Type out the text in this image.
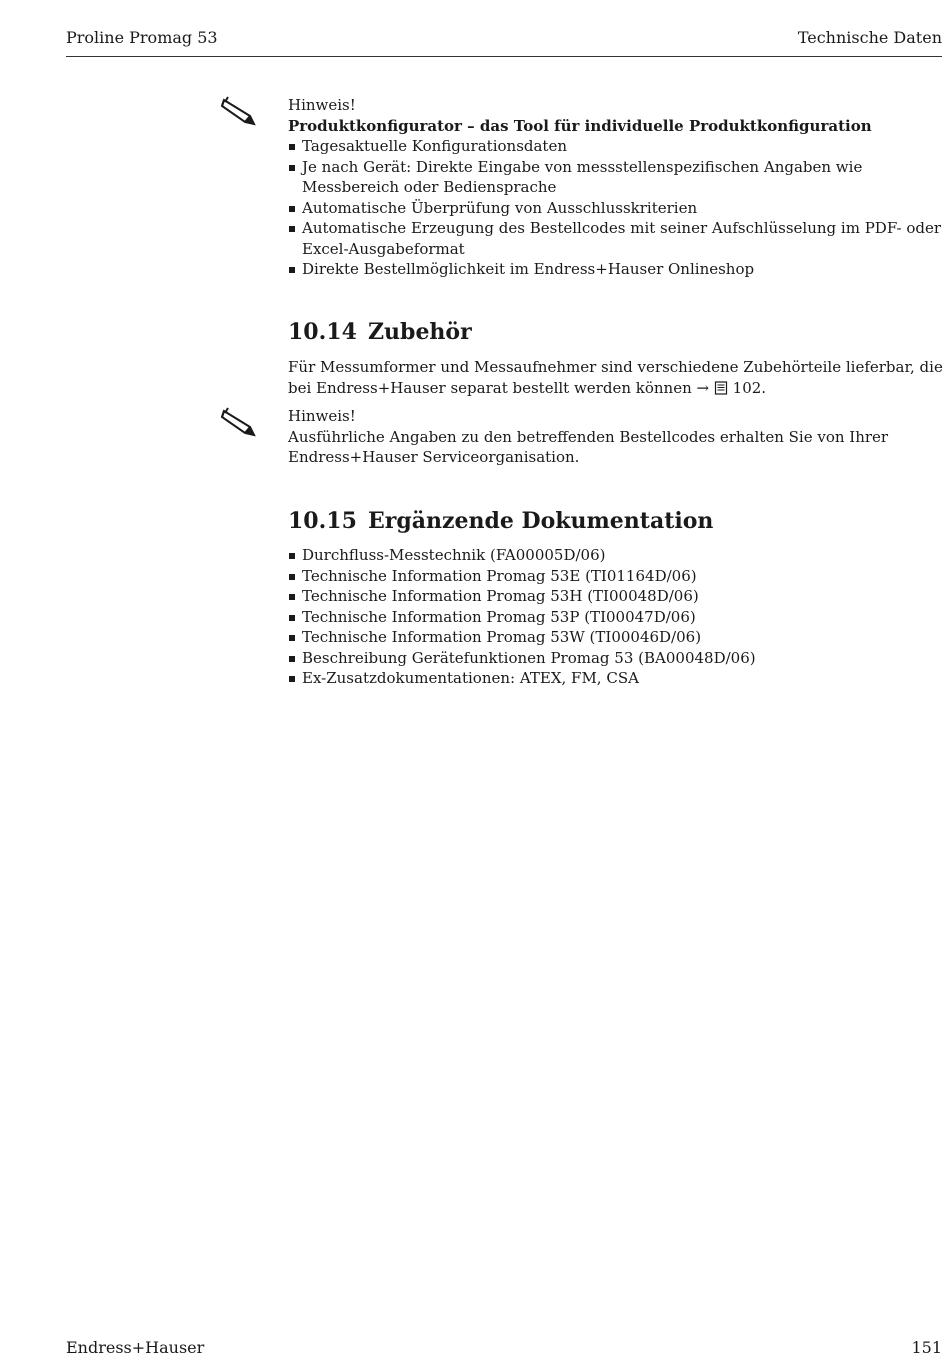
Proline Promag 53	Technische Daten
Hinweis!
Produktkonfigurator – das Tool für individuelle Produktkonfiguration
Tagesaktuelle Konfigurationsdaten
Je nach Gerät: Direkte Eingabe von messstellenspezifischen Angaben wie Messbereich oder Bediensprache
Automatische Überprüfung von Ausschlusskriterien
Automatische Erzeugung des Bestellcodes mit seiner Aufschlüsselung im PDF- oder Excel-Ausgabeformat
Direkte Bestellmöglichkeit im Endress+Hauser Onlineshop
10.14 Zubehör
Für Messumformer und Messaufnehmer sind verschiedene Zubehörteile lieferbar, die bei Endress+Hauser separat bestellt werden können → 102.
Hinweis!
Ausführliche Angaben zu den betreffenden Bestellcodes erhalten Sie von Ihrer Endress+Hauser Serviceorganisation.
10.15 Ergänzende Dokumentation
Durchfluss-Messtechnik (FA00005D/06)
Technische Information Promag 53E (TI01164D/06)
Technische Information Promag 53H (TI00048D/06)
Technische Information Promag 53P (TI00047D/06)
Technische Information Promag 53W (TI00046D/06)
Beschreibung Gerätefunktionen Promag 53 (BA00048D/06)
Ex-Zusatzdokumentationen: ATEX, FM, CSA
Endress+Hauser	151
